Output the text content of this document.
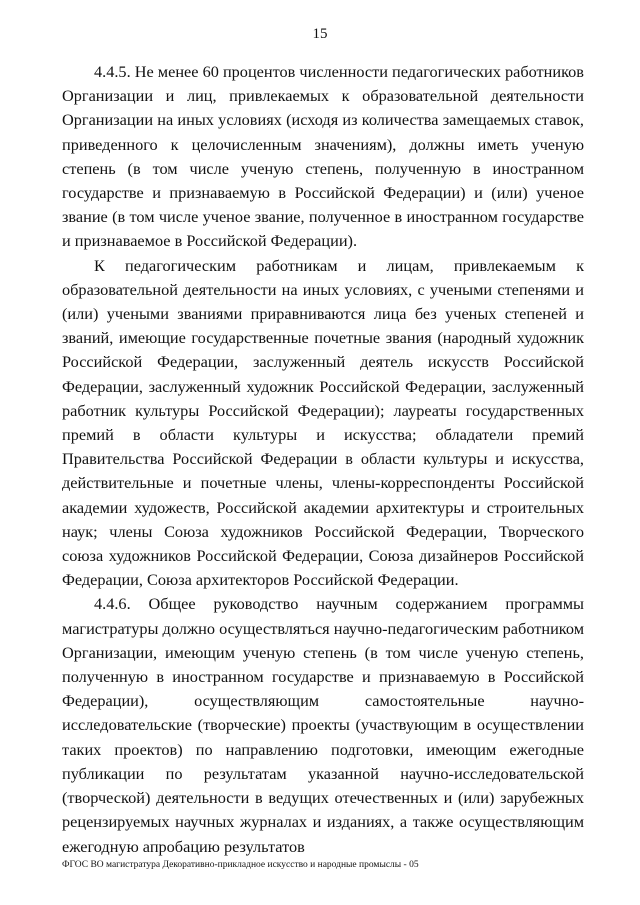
15

4.4.5. Не менее 60 процентов численности педагогических работников Организации и лиц, привлекаемых к образовательной деятельности Организации на иных условиях (исходя из количества замещаемых ставок, приведенного к целочисленным значениям), должны иметь ученую степень (в том числе ученую степень, полученную в иностранном государстве и признаваемую в Российской Федерации) и (или) ученое звание (в том числе ученое звание, полученное в иностранном государстве и признаваемое в Российской Федерации).

К педагогическим работникам и лицам, привлекаемым к образовательной деятельности на иных условиях, с учеными степенями и (или) учеными званиями приравниваются лица без ученых степеней и званий, имеющие государственные почетные звания (народный художник Российской Федерации, заслуженный деятель искусств Российской Федерации, заслуженный художник Российской Федерации, заслуженный работник культуры Российской Федерации); лауреаты государственных премий в области культуры и искусства; обладатели премий Правительства Российской Федерации в области культуры и искусства, действительные и почетные члены, члены-корреспонденты Российской академии художеств, Российской академии архитектуры и строительных наук; члены Союза художников Российской Федерации, Творческого союза художников Российской Федерации, Союза дизайнеров Российской Федерации, Союза архитекторов Российской Федерации.

4.4.6. Общее руководство научным содержанием программы магистратуры должно осуществляться научно-педагогическим работником Организации, имеющим ученую степень (в том числе ученую степень, полученную в иностранном государстве и признаваемую в Российской Федерации), осуществляющим самостоятельные научно-исследовательские (творческие) проекты (участвующим в осуществлении таких проектов) по направлению подготовки, имеющим ежегодные публикации по результатам указанной научно-исследовательской (творческой) деятельности в ведущих отечественных и (или) зарубежных рецензируемых научных журналах и изданиях, а также осуществляющим ежегодную апробацию результатов

ФГОС ВО магистратура Декоративно-прикладное искусство и народные промыслы - 05
